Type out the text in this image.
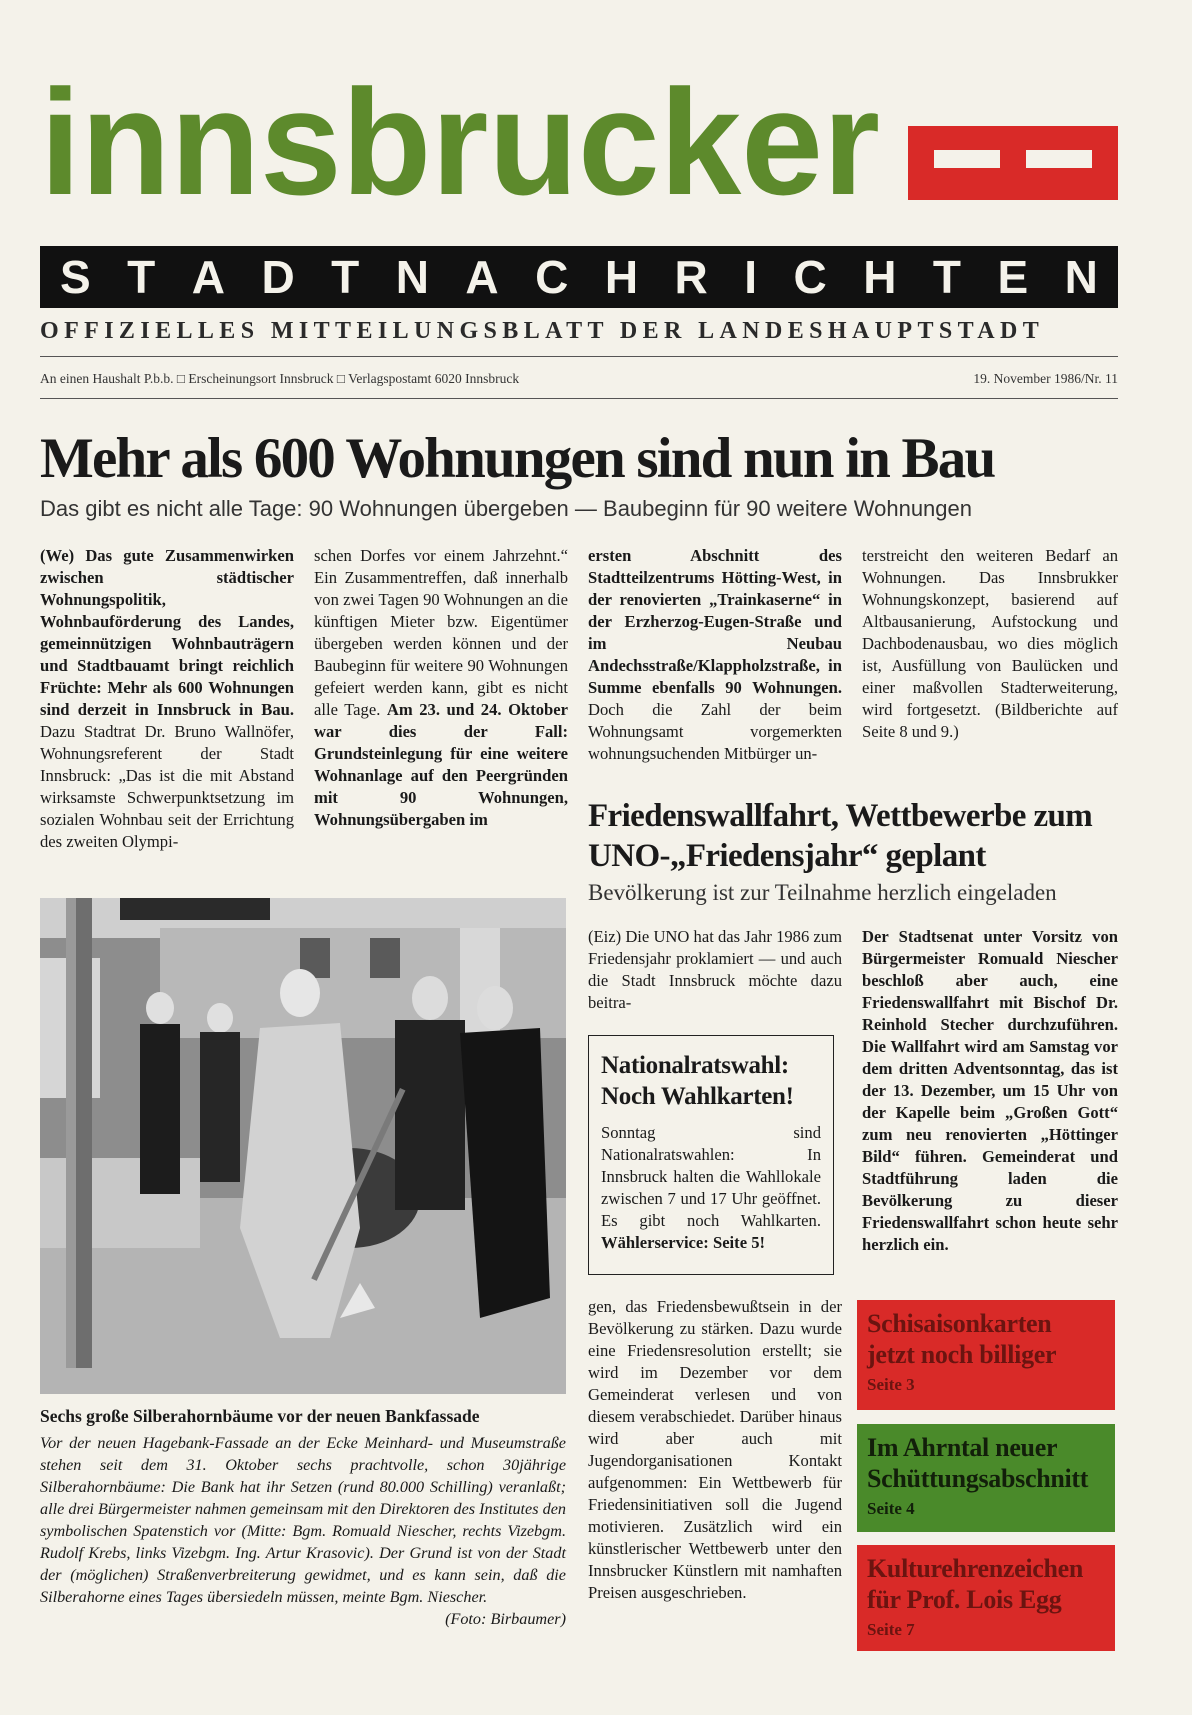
innsbrucker
S T A D T N A C H R I C H T E N
OFFIZIELLES MITTEILUNGSBLATT DER LANDESHAUPTSTADT
An einen Haushalt P.b.b. □ Erscheinungsort Innsbruck □ Verlagspostamt 6020 Innsbruck	19. November 1986/Nr. 11
Mehr als 600 Wohnungen sind nun in Bau
Das gibt es nicht alle Tage: 90 Wohnungen übergeben — Baubeginn für 90 weitere Wohnungen
(We) Das gute Zusammenwirken zwischen städtischer Wohnungspolitik, Wohnbauförderung des Landes, gemeinnützigen Wohnbauträgern und Stadtbauamt bringt reichlich Früchte: Mehr als 600 Wohnungen sind derzeit in Innsbruck in Bau. Dazu Stadtrat Dr. Bruno Wallnöfer, Wohnungsreferent der Stadt Innsbruck: „Das ist die mit Abstand wirksamste Schwerpunktsetzung im sozialen Wohnbau seit der Errichtung des zweiten Olympi-
schen Dorfes vor einem Jahrzehnt.“ Ein Zusammentreffen, daß innerhalb von zwei Tagen 90 Wohnungen an die künftigen Mieter bzw. Eigentümer übergeben werden können und der Baubeginn für weitere 90 Wohnungen gefeiert werden kann, gibt es nicht alle Tage. Am 23. und 24. Oktober war dies der Fall: Grundsteinlegung für eine weitere Wohnanlage auf den Peergründen mit 90 Wohnungen, Wohnungsübergaben im
ersten Abschnitt des Stadtteilzentrums Hötting-West, in der renovierten „Trainkaserne“ in der Erzherzog-Eugen-Straße und im Neubau Andechsstraße/Klappholzstraße, in Summe ebenfalls 90 Wohnungen. Doch die Zahl der beim Wohnungsamt vorgemerkten wohnungsuchenden Mitbürger un-
terstreicht den weiteren Bedarf an Wohnungen. Das Innsbrukker Wohnungskonzept, basierend auf Altbausanierung, Aufstockung und Dachbodenausbau, wo dies möglich ist, Ausfüllung von Baulücken und einer maßvollen Stadterweiterung, wird fortgesetzt. (Bildberichte auf Seite 8 und 9.)
Sechs große Silberahornbäume vor der neuen Bankfassade
Vor der neuen Hagebank-Fassade an der Ecke Meinhard- und Museumstraße stehen seit dem 31. Oktober sechs prachtvolle, schon 30jährige Silberahornbäume: Die Bank hat ihr Setzen (rund 80.000 Schilling) veranlaßt; alle drei Bürgermeister nahmen gemeinsam mit den Direktoren des Institutes den symbolischen Spatenstich vor (Mitte: Bgm. Romuald Niescher, rechts Vizebgm. Rudolf Krebs, links Vizebgm. Ing. Artur Krasovic). Der Grund ist von der Stadt der (möglichen) Straßenverbreiterung gewidmet, und es kann sein, daß die Silberahorne eines Tages übersiedeln müssen, meinte Bgm. Niescher.
(Foto: Birbaumer)
Friedenswallfahrt, Wettbewerbe zum UNO-„Friedensjahr“ geplant
Bevölkerung ist zur Teilnahme herzlich eingeladen
(Eiz) Die UNO hat das Jahr 1986 zum Friedensjahr proklamiert — und auch die Stadt Innsbruck möchte dazu beitra-
Nationalratswahl: Noch Wahlkarten!
Sonntag sind Nationalratswahlen: In Innsbruck halten die Wahllokale zwischen 7 und 17 Uhr geöffnet. Es gibt noch Wahlkarten. Wählerservice: Seite 5!
gen, das Friedensbewußtsein in der Bevölkerung zu stärken. Dazu wurde eine Friedensresolution erstellt; sie wird im Dezember vor dem Gemeinderat verlesen und von diesem verabschiedet. Darüber hinaus wird aber auch mit Jugendorganisationen Kontakt aufgenommen: Ein Wettbewerb für Friedensinitiativen soll die Jugend motivieren. Zusätzlich wird ein künstlerischer Wettbewerb unter den Innsbrucker Künstlern mit namhaften Preisen ausgeschrieben.
Der Stadtsenat unter Vorsitz von Bürgermeister Romuald Niescher beschloß aber auch, eine Friedenswallfahrt mit Bischof Dr. Reinhold Stecher durchzuführen. Die Wallfahrt wird am Samstag vor dem dritten Adventsonntag, das ist der 13. Dezember, um 15 Uhr von der Kapelle beim „Großen Gott“ zum neu renovierten „Höttinger Bild“ führen. Gemeinderat und Stadtführung laden die Bevölkerung zu dieser Friedenswallfahrt schon heute sehr herzlich ein.
Schisaisonkarten jetzt noch billiger
Seite 3
Im Ahrntal neuer Schüttungsabschnitt
Seite 4
Kulturehrenzeichen für Prof. Lois Egg
Seite 7
